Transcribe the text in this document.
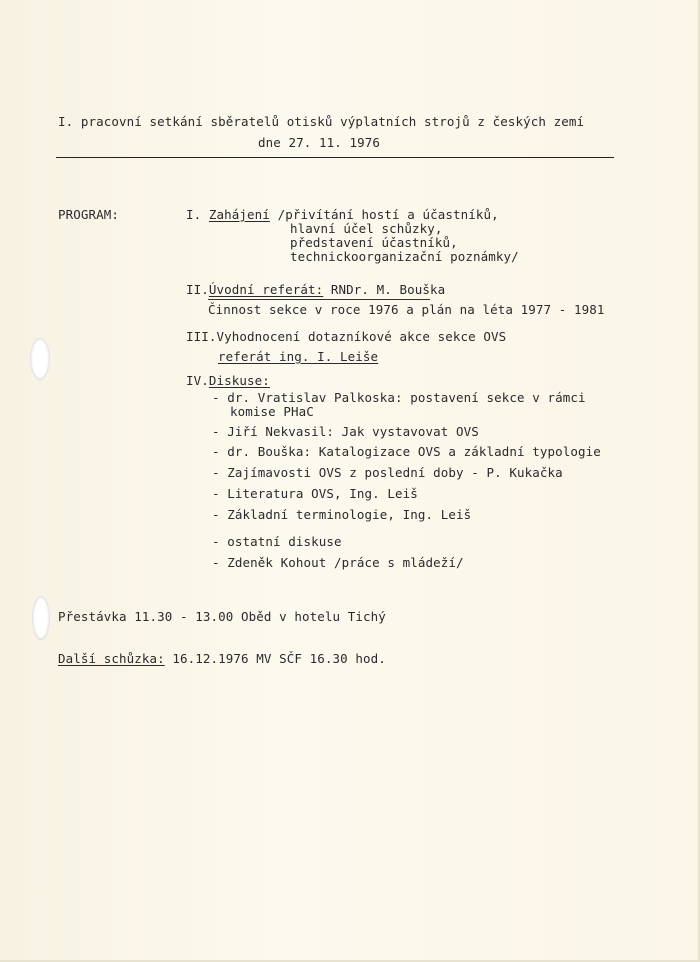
I. pracovní setkání sběratelů otisků výplatních strojů z českých zemí
dne 27. 11. 1976
PROGRAM:	I. Zahájení /přivítání hostí a účastníků,
hlavní účel schůzky,
představení účastníků,
technickoorganizační poznámky/
II.Úvodní referát: RNDr. M. Bouška
Činnost sekce v roce 1976 a plán na léta 1977 - 1981
III.Vyhodnocení dotazníkové akce sekce OVS
referát ing. I. Leiše
IV.Diskuse:
- dr. Vratislav Palkoska: postavení sekce v rámci
komise PHaC
- Jiří Nekvasil: Jak vystavovat OVS
- dr. Bouška: Katalogizace OVS a základní typologie
- Zajímavosti OVS z poslední doby - P. Kukačka
- Literatura OVS, Ing. Leiš
- Základní terminologie, Ing. Leiš
- ostatní diskuse
- Zdeněk Kohout /práce s mládeží/
Přestávka 11.30 - 13.00 Oběd v hotelu Tichý
Další schůzka: 16.12.1976 MV SČF 16.30 hod.
